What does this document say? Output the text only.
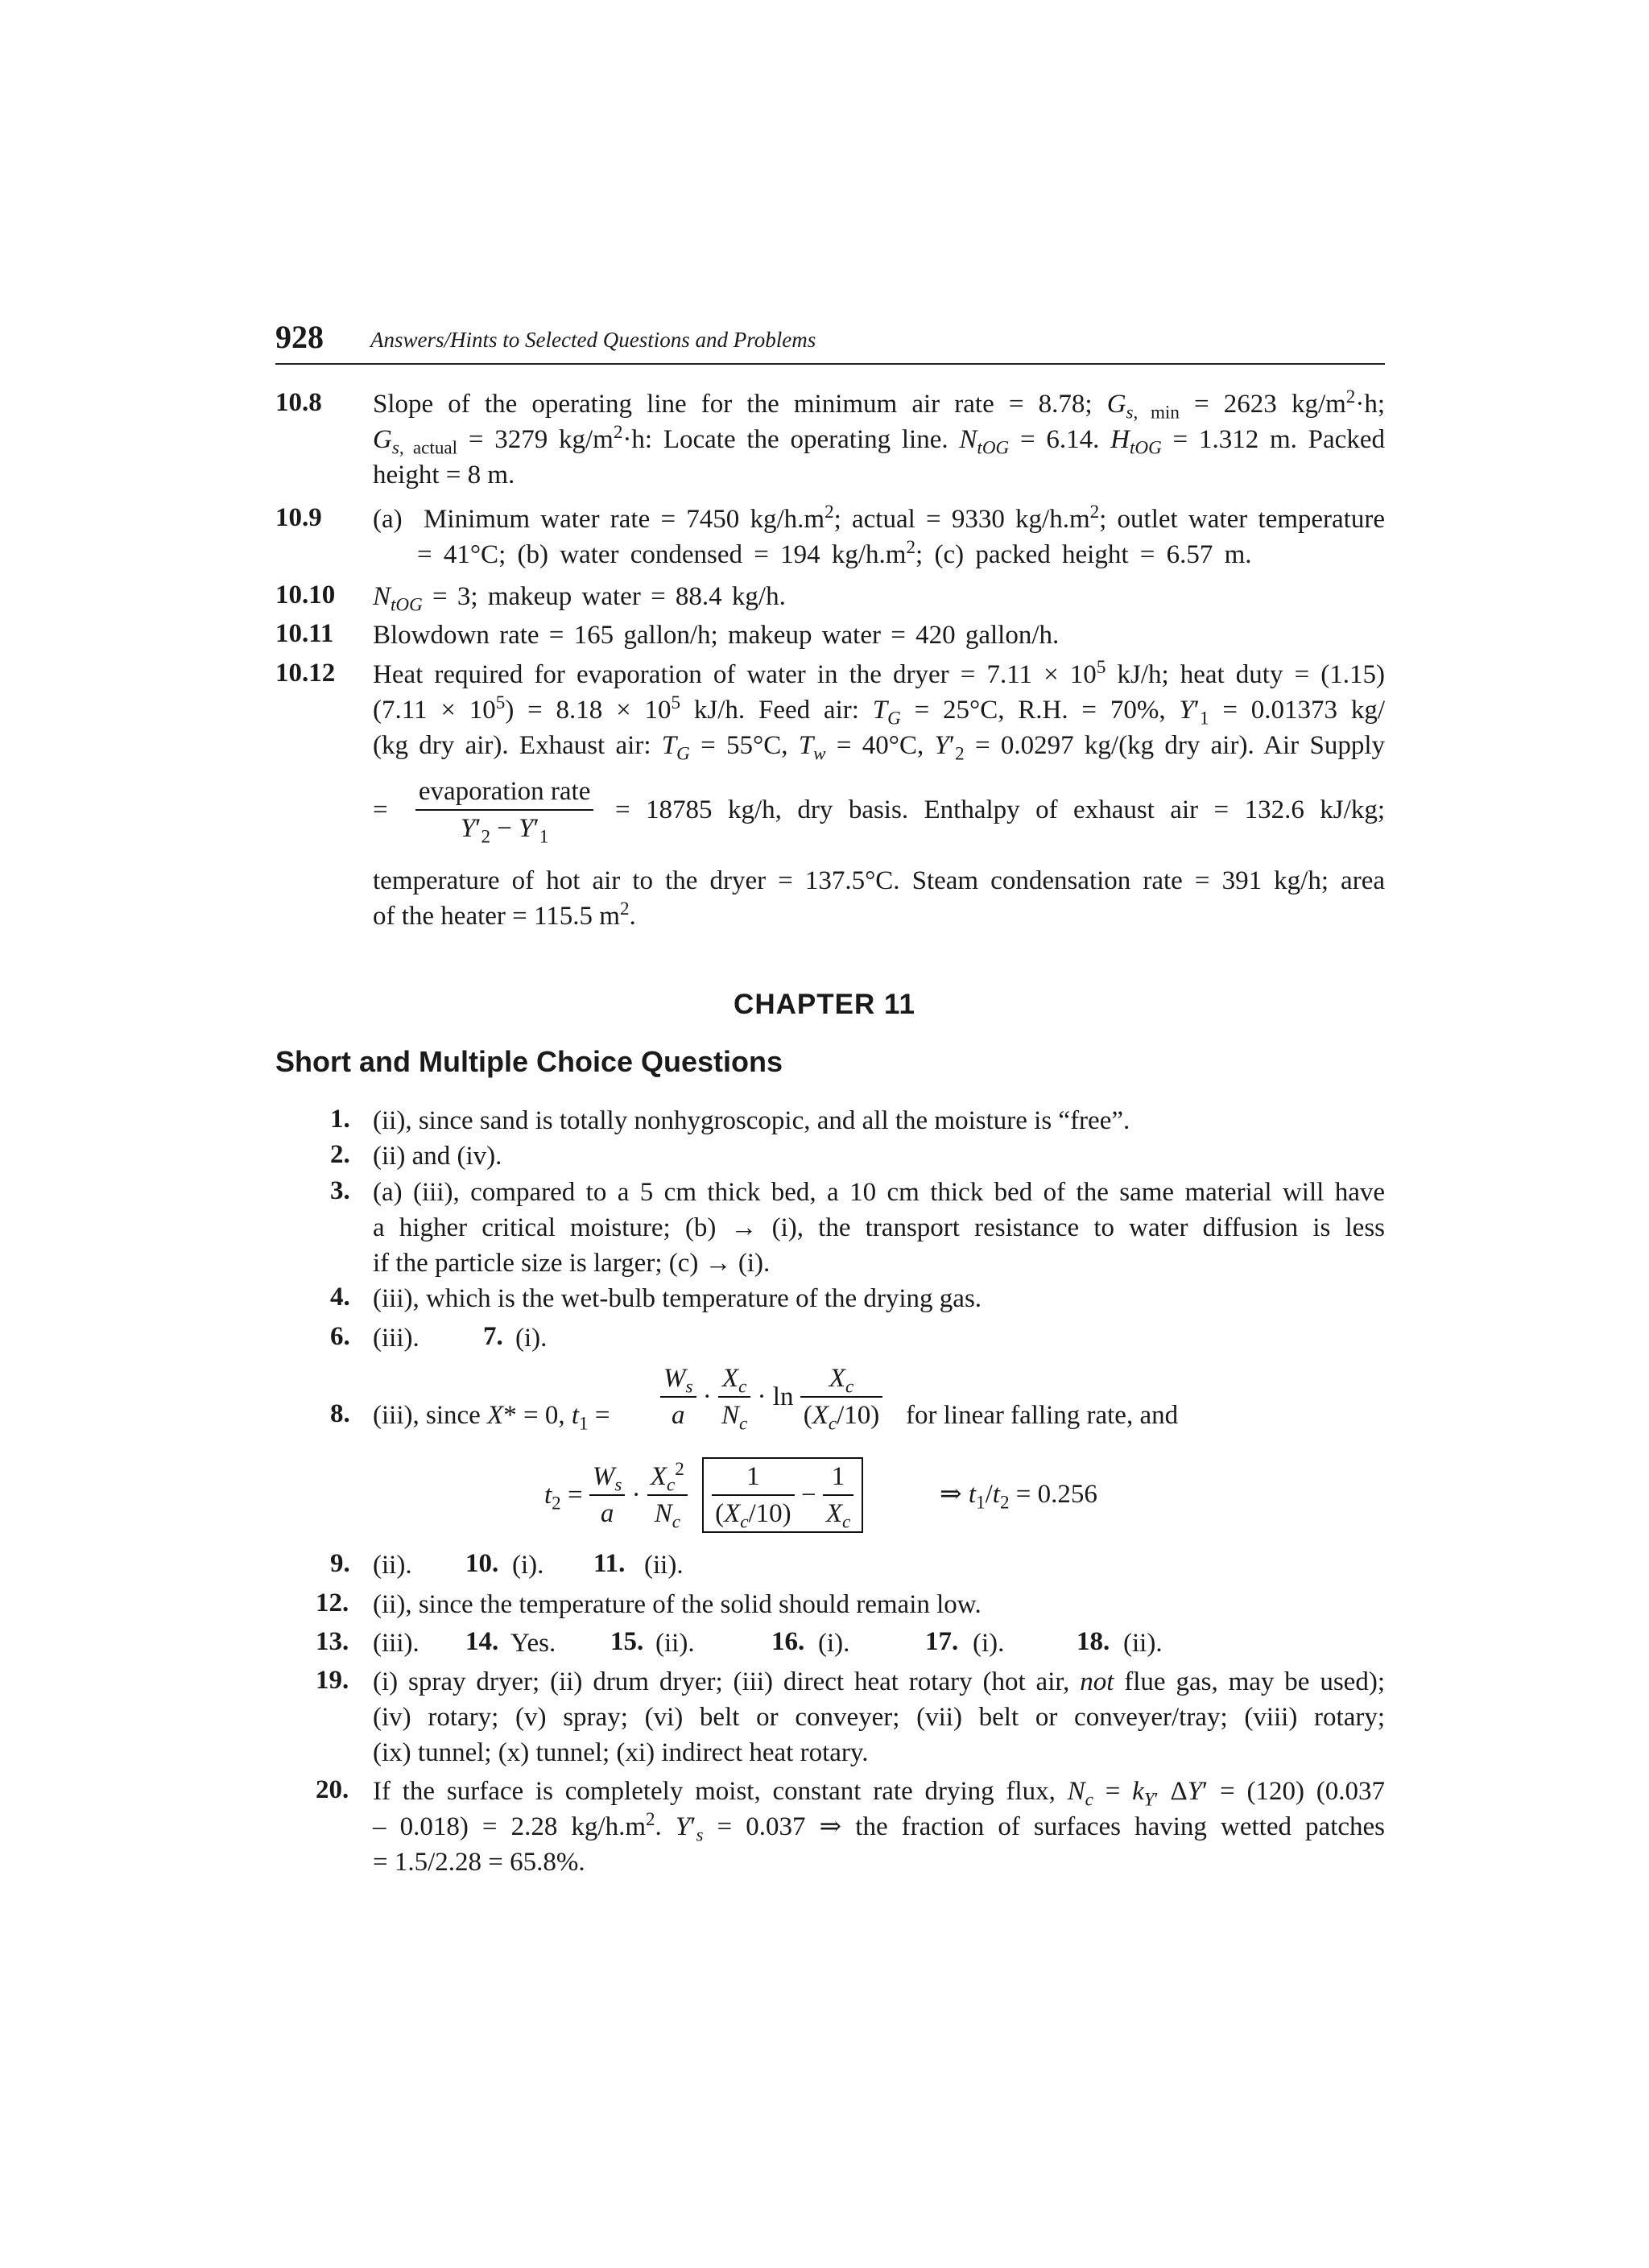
928 Answers/Hints to Selected Questions and Problems
10.8 Slope of the operating line for the minimum air rate = 8.78; $G_{s, min} = 2623$ $kg/m^2\cdot h$;
$G_{s, actual} = 3279$ $kg/m^2\cdot h$: Locate the operating line. $N_{tOG} = 6.14$. $H_{tOG} = 1.312$ m. Packed
height = 8 m.
10.9 (a)  Minimum water rate = 7450 $kg/h.m^2$; actual = 9330 $kg/h.m^2$; outlet water temperature
= 41°C; (b) water condensed = 194 $kg/h.m^2$; (c) packed height = 6.57 m.
10.10 $N_{tOG} = 3$; makeup water = 88.4 kg/h.
10.11 Blowdown rate = 165 gallon/h; makeup water = 420 gallon/h.
10.12 Heat required for evaporation of water in the dryer = $7.11 \times 10^5$ kJ/h; heat duty = (1.15)
$(7.11 \times 10^5) = 8.18 \times 10^5$ kJ/h. Feed air: $T_G = 25^\circ C$, R.H. = 70%, $Y'_1 = 0.01373$ kg/
(kg dry air). Exhaust air: $T_G = 55^\circ C$, $T_w = 40^\circ C$, $Y'_2 = 0.0297$ kg/(kg dry air). Air Supply
= $\frac{\text{evaporation rate}}{Y'_2 - Y'_1} = 18785$ kg/h, dry basis. Enthalpy of exhaust air = 132.6 kJ/kg;
temperature of hot air to the dryer = 137.5°C. Steam condensation rate = 391 kg/h; area
of the heater = 115.5 $m^2$.
CHAPTER 11
Short and Multiple Choice Questions
1. (ii), since sand is totally nonhygroscopic, and all the moisture is “free”.
2. (ii) and (iv).
3. (a) (iii), compared to a 5 cm thick bed, a 10 cm thick bed of the same material will have
a higher critical moisture; (b) → (i), the transport resistance to water diffusion is less
if the particle size is larger; (c) → (i).
4. (iii), which is the wet-bulb temperature of the drying gas.
6. (iii). 7. (i).
8. (iii), since X* = 0, $t_1 = \frac{W_s}{a} \cdot \frac{X_c}{N_c} \cdot \ln \frac{X_c}{(X_c/10)}$ for linear falling rate, and
$t_2 = \frac{W_s}{a} \cdot \frac{X_c^2}{N_c}$
$\frac{1}{(X_c/10)} - \frac{1}{X_c}$	⇒ $t_1/t_2 = 0.256$
9. (ii). 10. (i). 11. (ii).
12. (ii), since the temperature of the solid should remain low.
13. (iii). 14. Yes. 15. (ii).	16. (i).	17. (i).	18. (ii).
19. (i) spray dryer; (ii) drum dryer; (iii) direct heat rotary (hot air, not flue gas, may be used);
(iv) rotary; (v) spray; (vi) belt or conveyer; (vii) belt or conveyer/tray; (viii) rotary;
(ix) tunnel; (x) tunnel; (xi) indirect heat rotary.
20. If the surface is completely moist, constant rate drying flux, $N_c = k_{Y'}$ ΔY′ = (120) (0.037
– 0.018) = 2.28 $kg/h.m^2$. $Y'_s = 0.037$ ⇒ the fraction of surfaces having wetted patches
= 1.5/2.28 = 65.8%.
